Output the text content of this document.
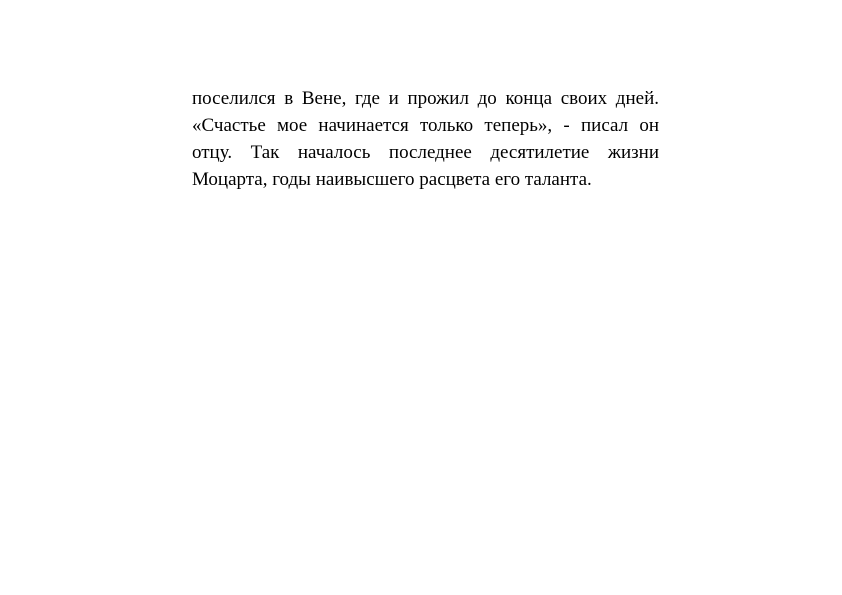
поселился в Вене, где и прожил до конца своих дней.
«Счастье мое начинается только теперь», - писал он
отцу. Так началось последнее десятилетие жизни
Моцарта, годы наивысшего расцвета его таланта.
